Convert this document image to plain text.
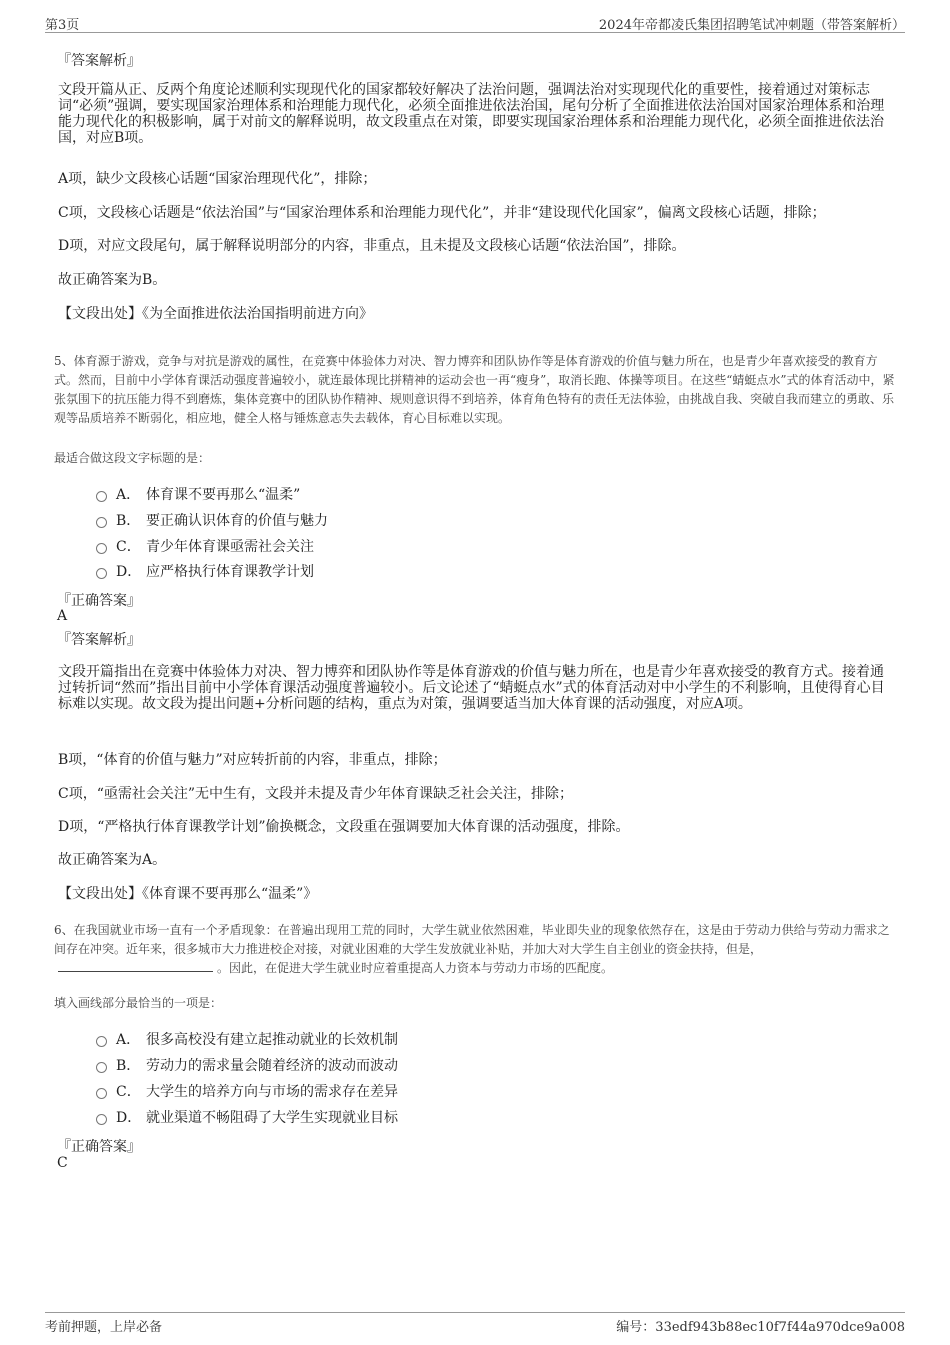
第3页	2024年帝都凌氏集团招聘笔试冲刺题（带答案解析）
『答案解析』

文段开篇从正、反两个角度论述顺利实现现代化的国家都较好解决了法治问题，强调法治对实现现代化的重要性，接着通过对策标志词“必须”强调，要实现国家治理体系和治理能力现代化，必须全面推进依法治国，尾句分析了全面推进依法治国对国家治理体系和治理能力现代化的积极影响，属于对前文的解释说明，故文段重点在对策，即要实现国家治理体系和治理能力现代化，必须全面推进依法治国，对应B项。

A项，缺少文段核心话题“国家治理现代化”，排除；
C项，文段核心话题是“依法治国”与“国家治理体系和治理能力现代化”，并非“建设现代化国家”，偏离文段核心话题，排除；
D项，对应文段尾句，属于解释说明部分的内容，非重点，且未提及文段核心话题“依法治国”，排除。
故正确答案为B。
【文段出处】《为全面推进依法治国指明前进方向》

5、体育源于游戏，竞争与对抗是游戏的属性，在竞赛中体验体力对决、智力博弈和团队协作等是体育游戏的价值与魅力所在，也是青少年喜欢接受的教育方式。然而，目前中小学体育课活动强度普遍较小，就连最体现比拼精神的运动会也一再“瘦身”，取消长跑、体操等项目。在这些“蜻蜓点水”式的体育活动中，紧张氛围下的抗压能力得不到磨炼，集体竞赛中的团队协作精神、规则意识得不到培养，体育角色特有的责任无法体验，由挑战自我、突破自我而建立的勇敢、乐观等品质培养不断弱化，相应地，健全人格与锤炼意志失去载体，育心目标难以实现。

最适合做这段文字标题的是：
A． 体育课不要再那么“温柔”
B． 要正确认识体育的价值与魅力
C． 青少年体育课亟需社会关注
D． 应严格执行体育课教学计划
『正确答案』
A
『答案解析』

文段开篇指出在竞赛中体验体力对决、智力博弈和团队协作等是体育游戏的价值与魅力所在，也是青少年喜欢接受的教育方式。接着通过转折词“然而”指出目前中小学体育课活动强度普遍较小。后文论述了“蜻蜓点水”式的体育活动对中小学生的不利影响，且使得育心目标难以实现。故文段为提出问题+分析问题的结构，重点为对策，强调要适当加大体育课的活动强度，对应A项。

B项，“体育的价值与魅力”对应转折前的内容，非重点，排除；
C项，“亟需社会关注”无中生有，文段并未提及青少年体育课缺乏社会关注，排除；
D项，“严格执行体育课教学计划”偷换概念，文段重在强调要加大体育课的活动强度，排除。
故正确答案为A。
【文段出处】《体育课不要再那么“温柔”》

6、在我国就业市场一直有一个矛盾现象：在普遍出现用工荒的同时，大学生就业依然困难，毕业即失业的现象依然存在，这是由于劳动力供给与劳动力需求之间存在冲突。近年来，很多城市大力推进校企对接，对就业困难的大学生发放就业补贴，并加大对大学生自主创业的资金扶持，但是，。因此，在促进大学生就业时应着重提高人力资本与劳动力市场的匹配度。

填入画线部分最恰当的一项是：
A． 很多高校没有建立起推动就业的长效机制
B． 劳动力的需求量会随着经济的波动而波动
C． 大学生的培养方向与市场的需求存在差异
D． 就业渠道不畅阻碍了大学生实现就业目标
『正确答案』
C
考前押题，上岸必备	编号：33edf943b88ec10f7f44a970dce9a008
